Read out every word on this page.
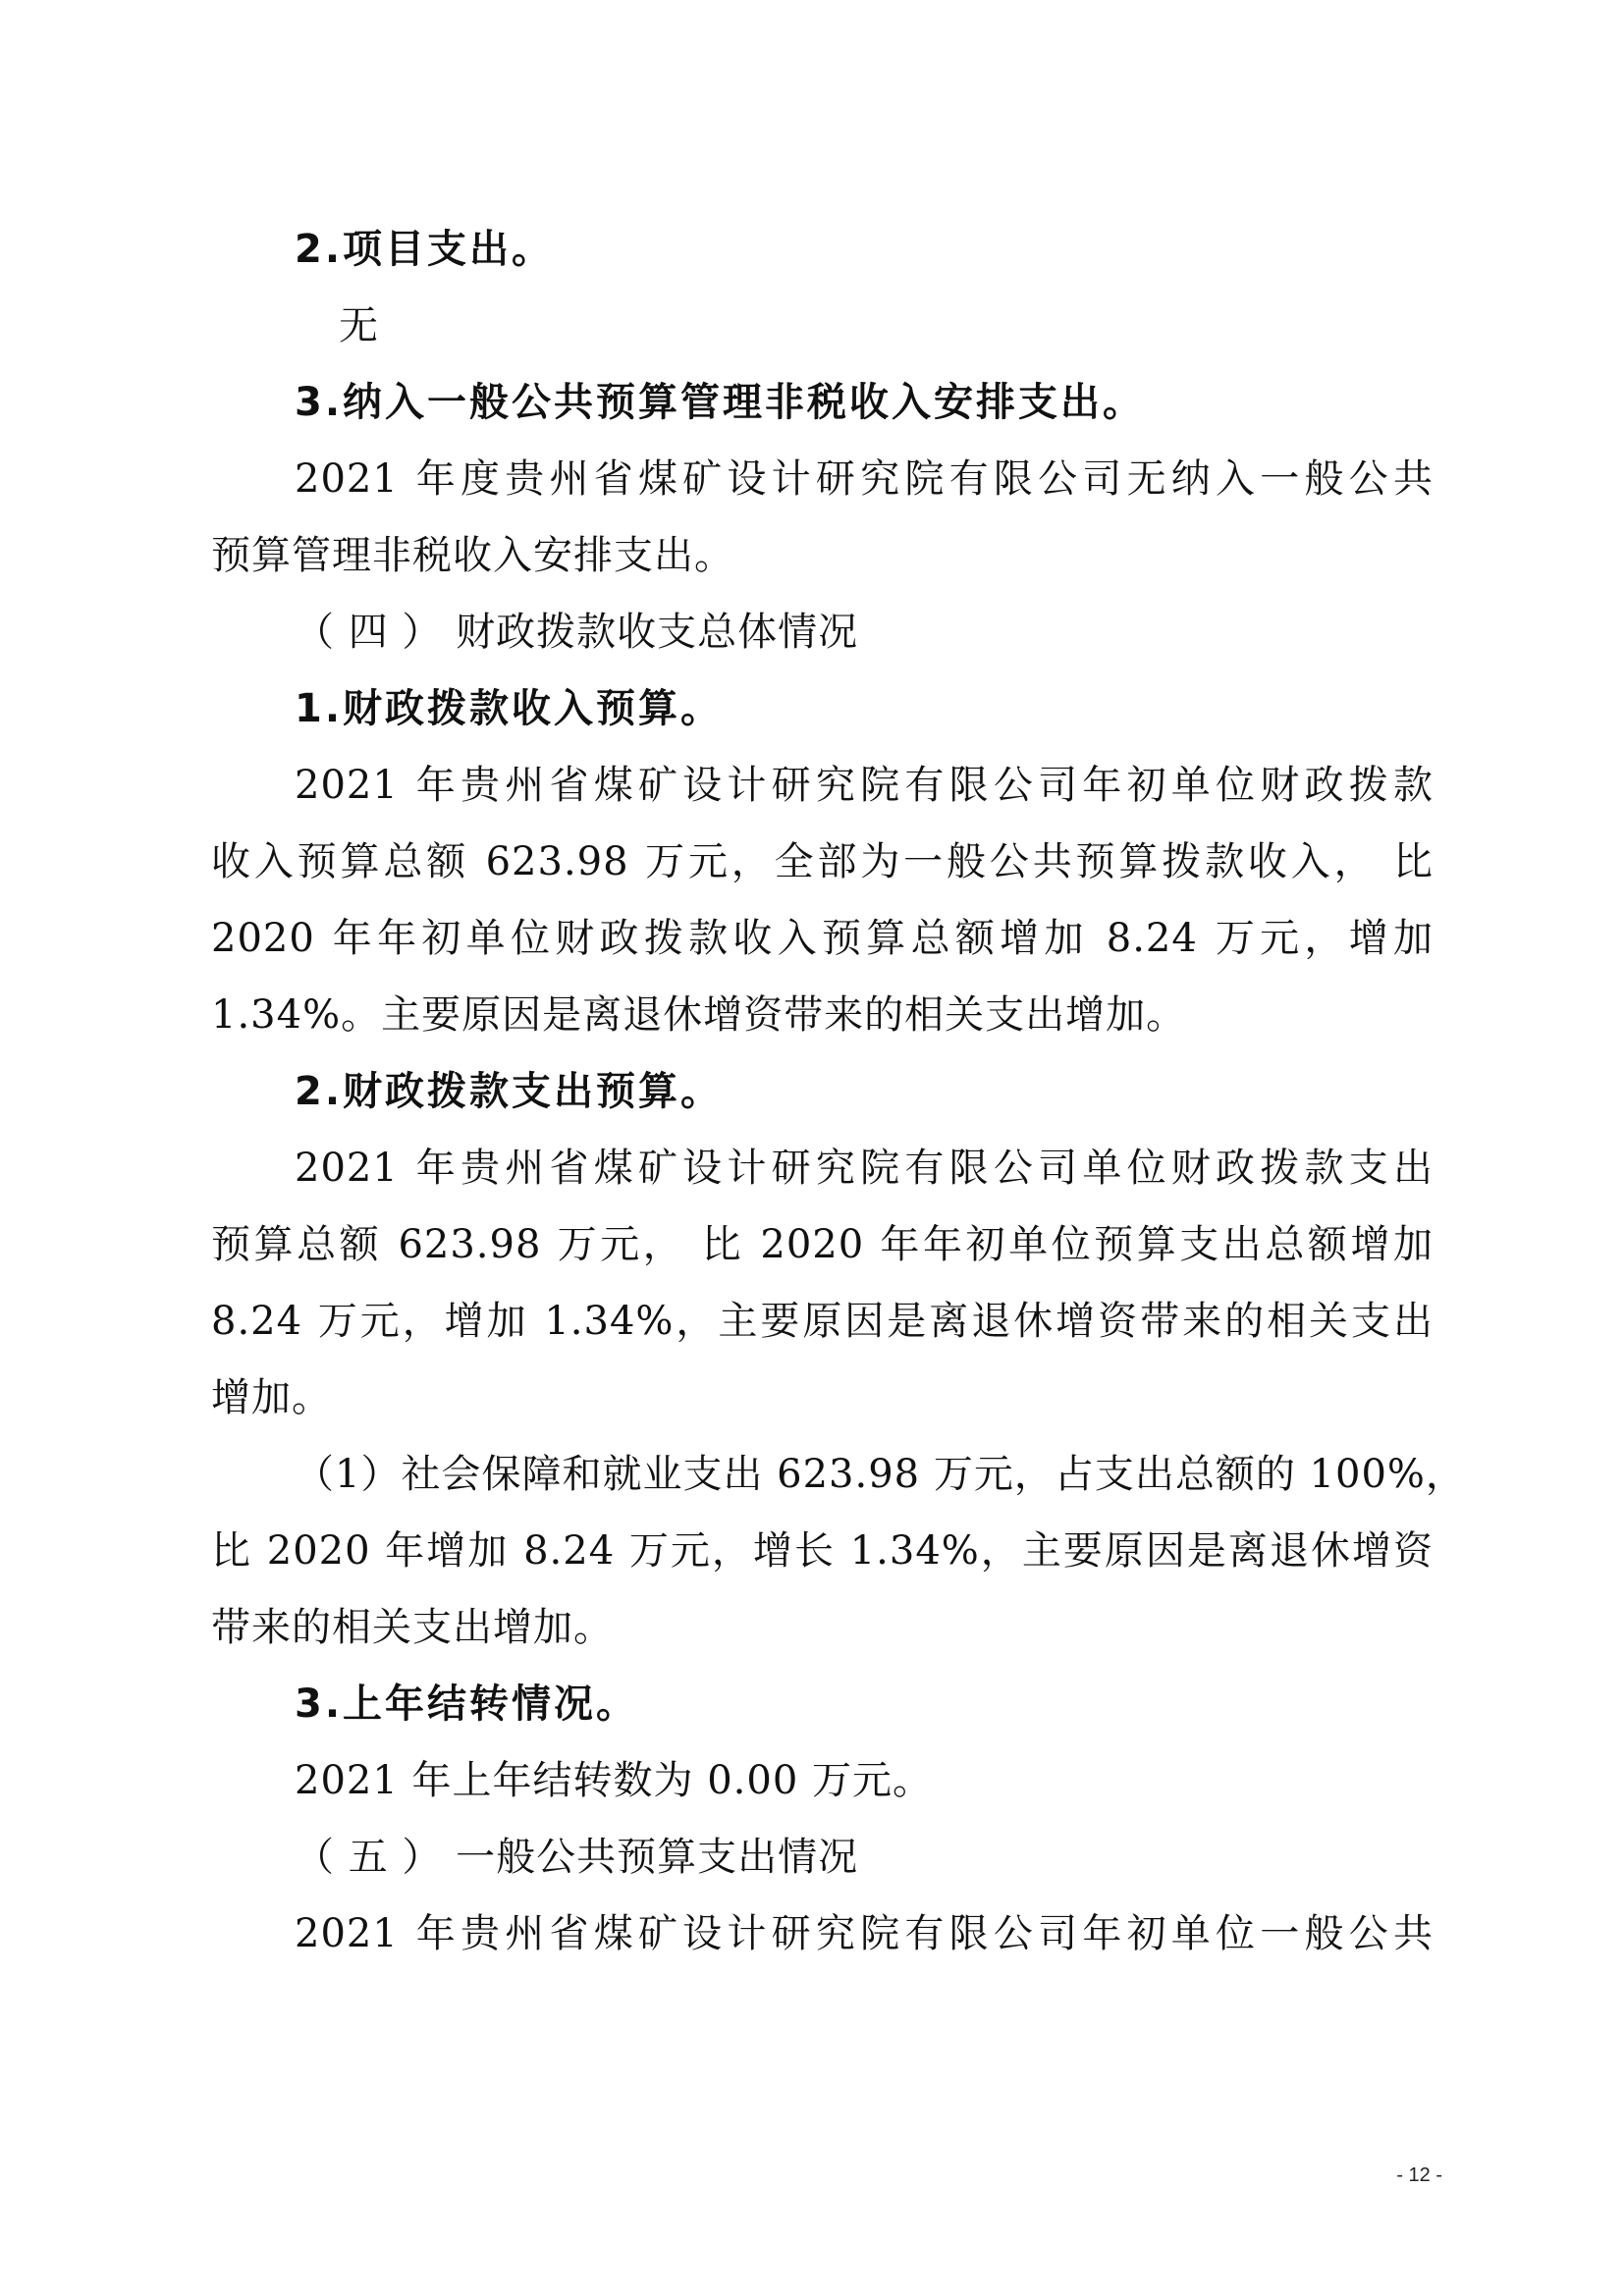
2.项目支出。
无
3.纳入一般公共预算管理非税收入安排支出。
2021 年度贵州省煤矿设计研究院有限公司无纳入一般公共
预算管理非税收入安排支出。
（ 四 ） 财政拨款收支总体情况
1.财政拨款收入预算。
2021 年贵州省煤矿设计研究院有限公司年初单位财政拨款
收入预算总额 623.98 万元，全部为一般公共预算拨款收入， 比
2020 年年初单位财政拨款收入预算总额增加 8.24 万元，增加
1.34%。主要原因是离退休增资带来的相关支出增加。
2.财政拨款支出预算。
2021 年贵州省煤矿设计研究院有限公司单位财政拨款支出
预算总额 623.98 万元， 比 2020 年年初单位预算支出总额增加
8.24 万元，增加 1.34%，主要原因是离退休增资带来的相关支出
增加。
（1）社会保障和就业支出 623.98 万元，占支出总额的 100%，
比 2020 年增加 8.24 万元，增长 1.34%，主要原因是离退休增资
带来的相关支出增加。
3.上年结转情况。
2021 年上年结转数为 0.00 万元。
（ 五 ） 一般公共预算支出情况
2021 年贵州省煤矿设计研究院有限公司年初单位一般公共
- 12 -
